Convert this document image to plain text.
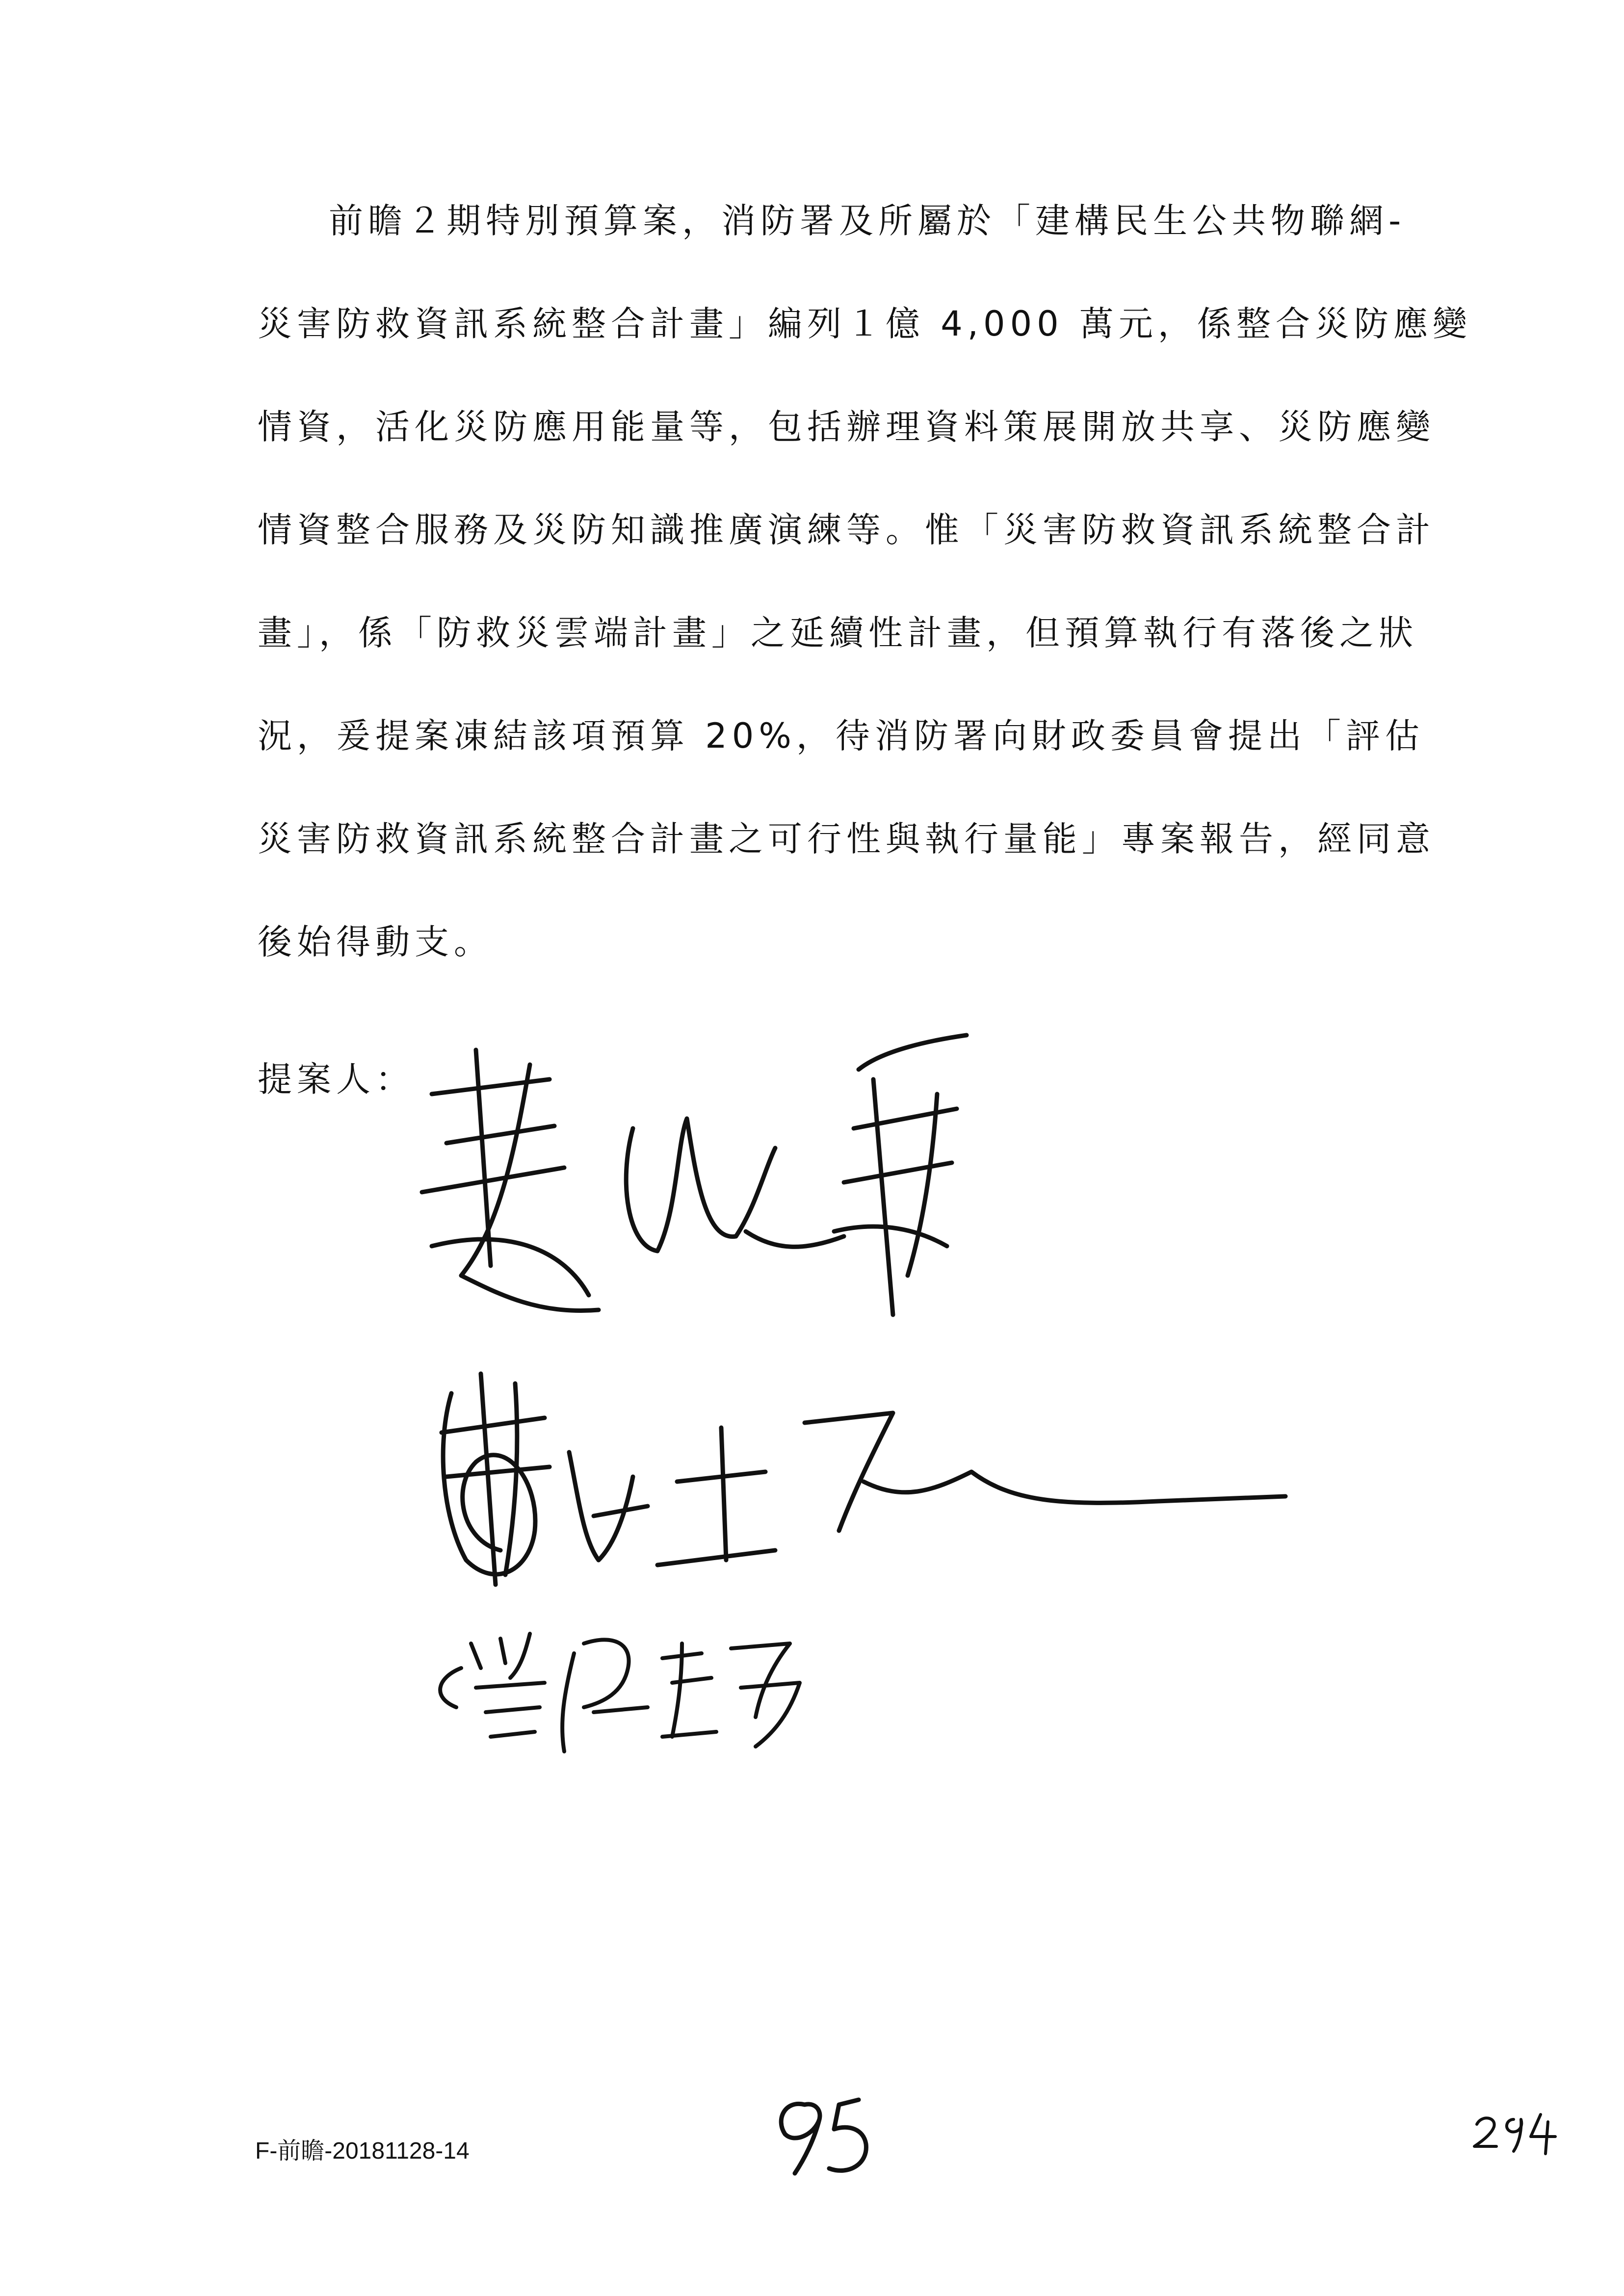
前瞻２期特別預算案，消防署及所屬於「建構民生公共物聯網-
災害防救資訊系統整合計畫」編列１億 4,000 萬元，係整合災防應變
情資，活化災防應用能量等，包括辦理資料策展開放共享、災防應變
情資整合服務及災防知識推廣演練等。惟「災害防救資訊系統整合計
畫」，係「防救災雲端計畫」之延續性計畫，但預算執行有落後之狀
況，爰提案凍結該項預算 20%，待消防署向財政委員會提出「評估
災害防救資訊系統整合計畫之可行性與執行量能」專案報告，經同意
後始得動支。
提案人：
F-前瞻-20181128-14
